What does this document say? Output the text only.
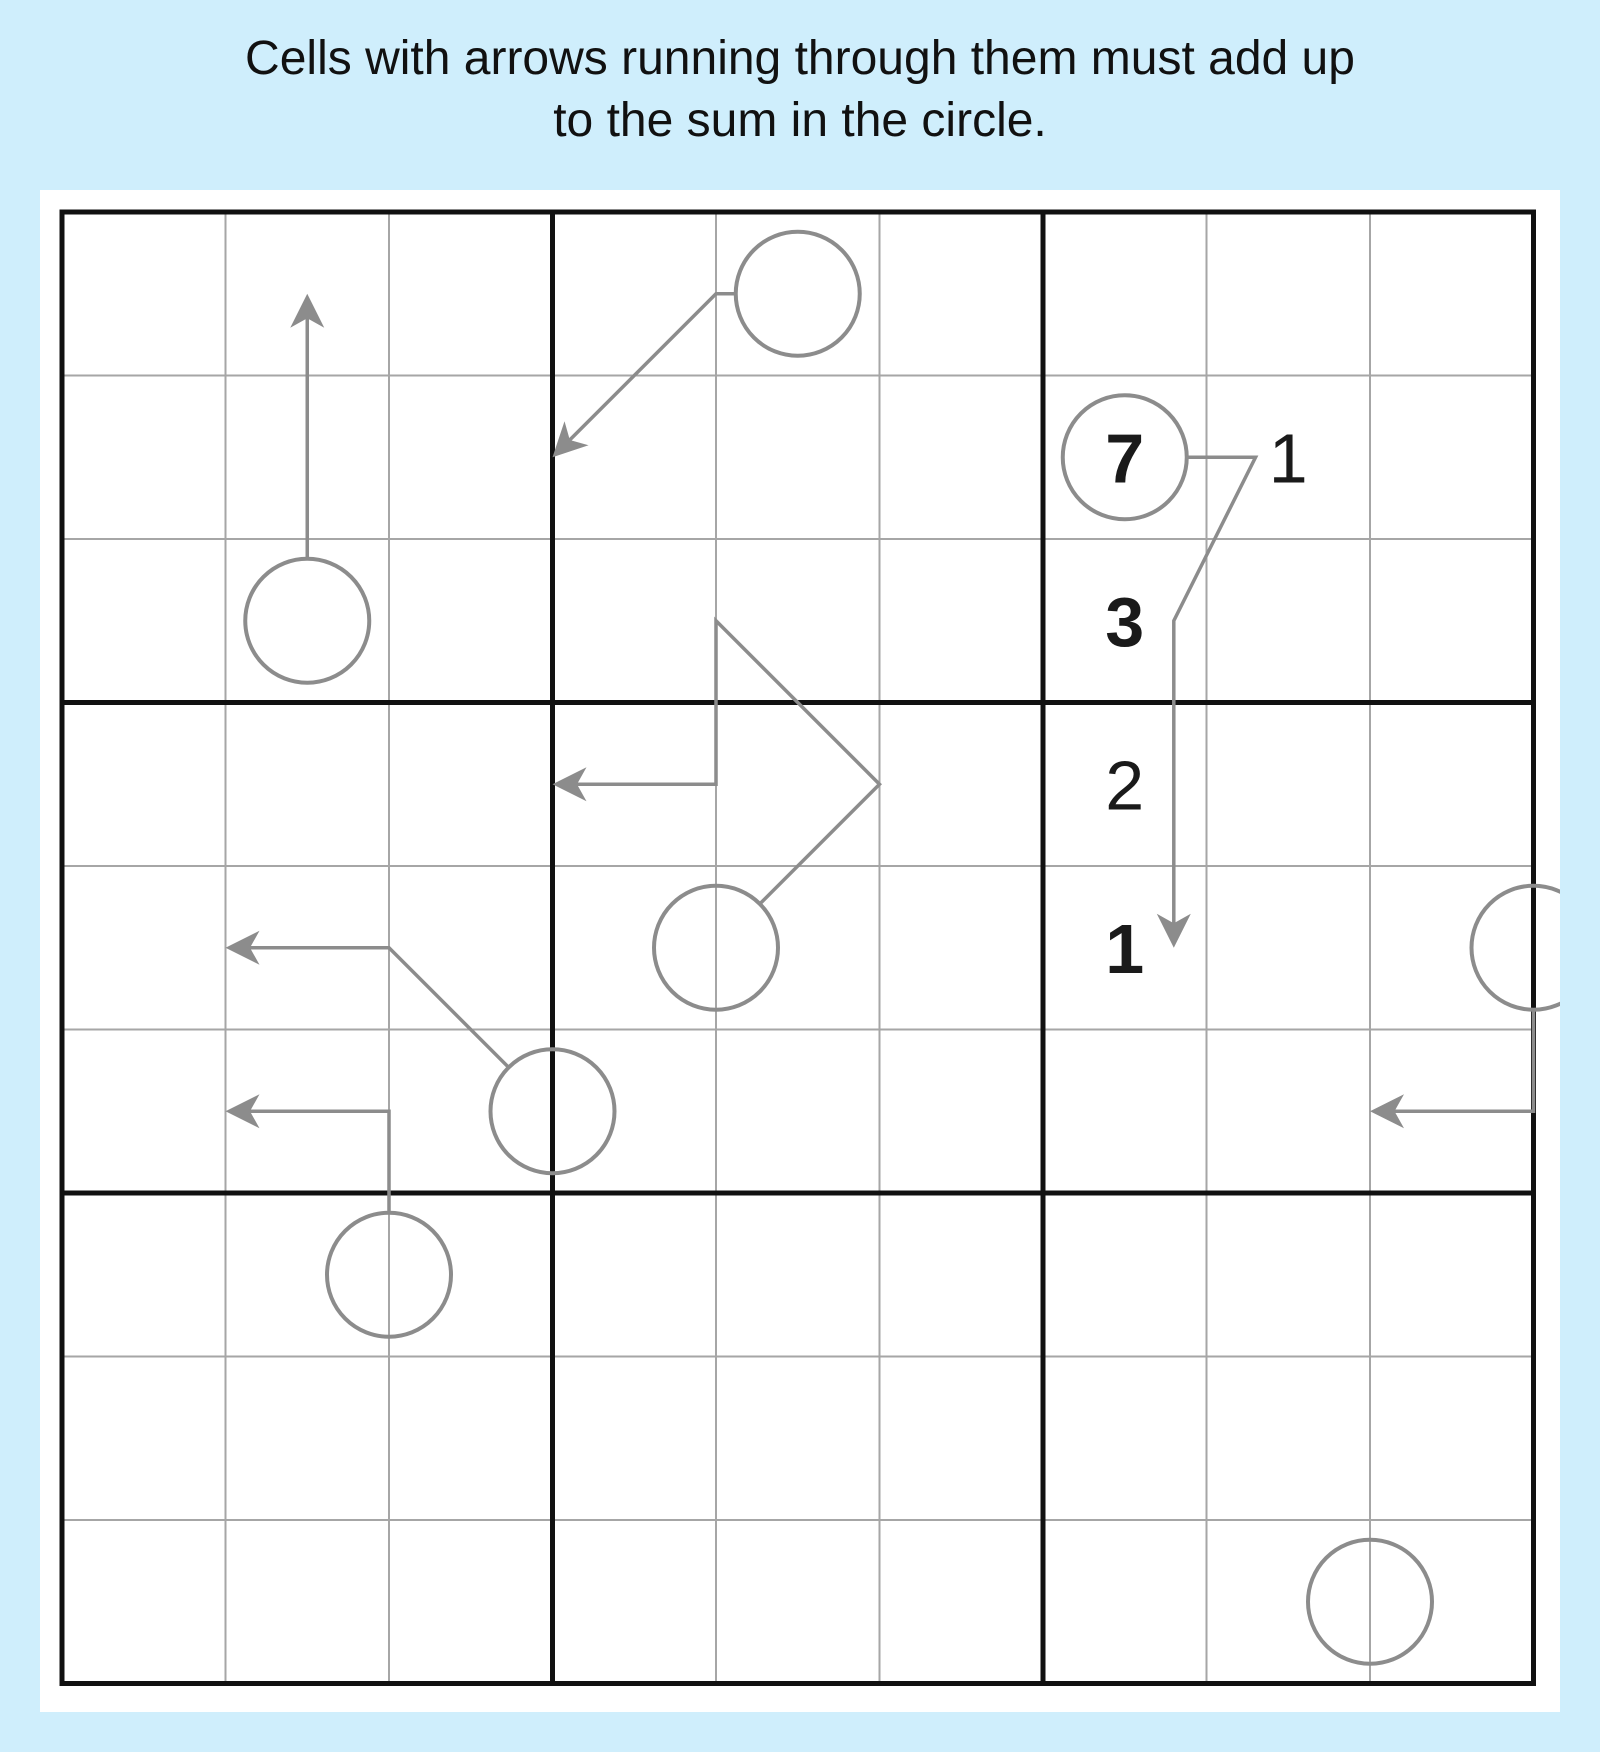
Cells with arrows running through them must add up
to the sum in the circle.
7 1
3
2
1
